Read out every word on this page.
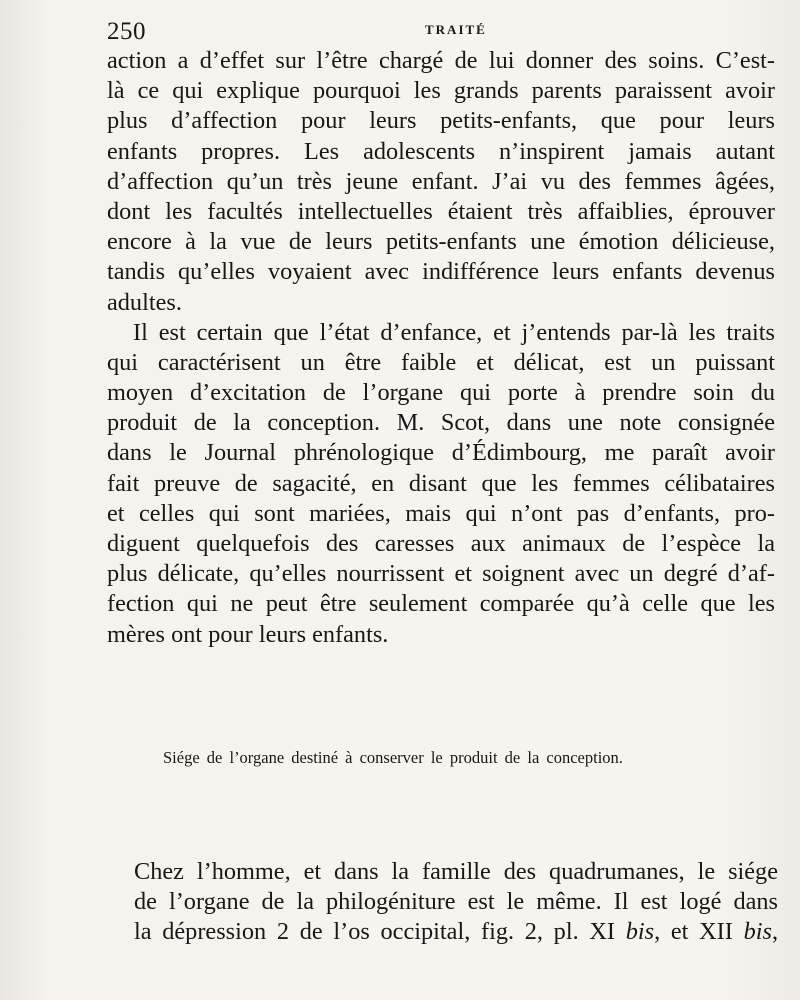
250	TRAITÉ
action a d’effet sur l’être chargé de lui donner des soins. C’est-
là ce qui explique pourquoi les grands parents paraissent avoir
plus d’affection pour leurs petits-enfants, que pour leurs
enfants propres. Les adolescents n’inspirent jamais autant
d’affection qu’un très jeune enfant. J’ai vu des femmes âgées,
dont les facultés intellectuelles étaient très affaiblies, éprouver
encore à la vue de leurs petits-enfants une émotion délicieuse,
tandis qu’elles voyaient avec indifférence leurs enfants devenus
adultes.
Il est certain que l’état d’enfance, et j’entends par-là les traits
qui caractérisent un être faible et délicat, est un puissant
moyen d’excitation de l’organe qui porte à prendre soin du
produit de la conception. M. Scot, dans une note consignée
dans le Journal phrénologique d’Édimbourg, me paraît avoir
fait preuve de sagacité, en disant que les femmes célibataires
et celles qui sont mariées, mais qui n’ont pas d’enfants, pro-
diguent quelquefois des caresses aux animaux de l’espèce la
plus délicate, qu’elles nourrissent et soignent avec un degré d’af-
fection qui ne peut être seulement comparée qu’à celle que les
mères ont pour leurs enfants.
Siége de l’organe destiné à conserver le produit de la conception.
Chez l’homme, et dans la famille des quadrumanes, le siége
de l’organe de la philogéniture est le même. Il est logé dans
la dépression 2 de l’os occipital, fig. 2, pl. XI bis, et XII bis,
